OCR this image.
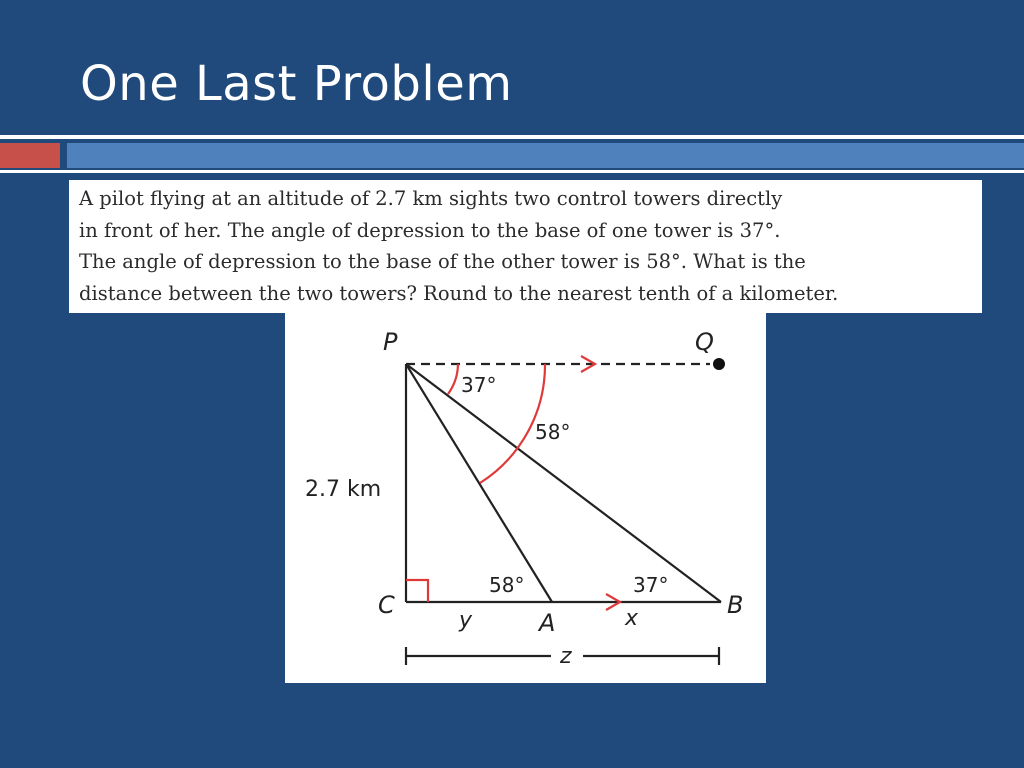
One Last Problem

A pilot flying at an altitude of 2.7 km sights two control towers directly

in front of her. The angle of depression to the base of one tower is 37°.

The angle of depression to the base of the other tower is 58°. What is the

distance between the two towers? Round to the nearest tenth of a kilometer.

P	Q
C
A
B
2.7 km
37°
58°
58°	37°
y	x
z
